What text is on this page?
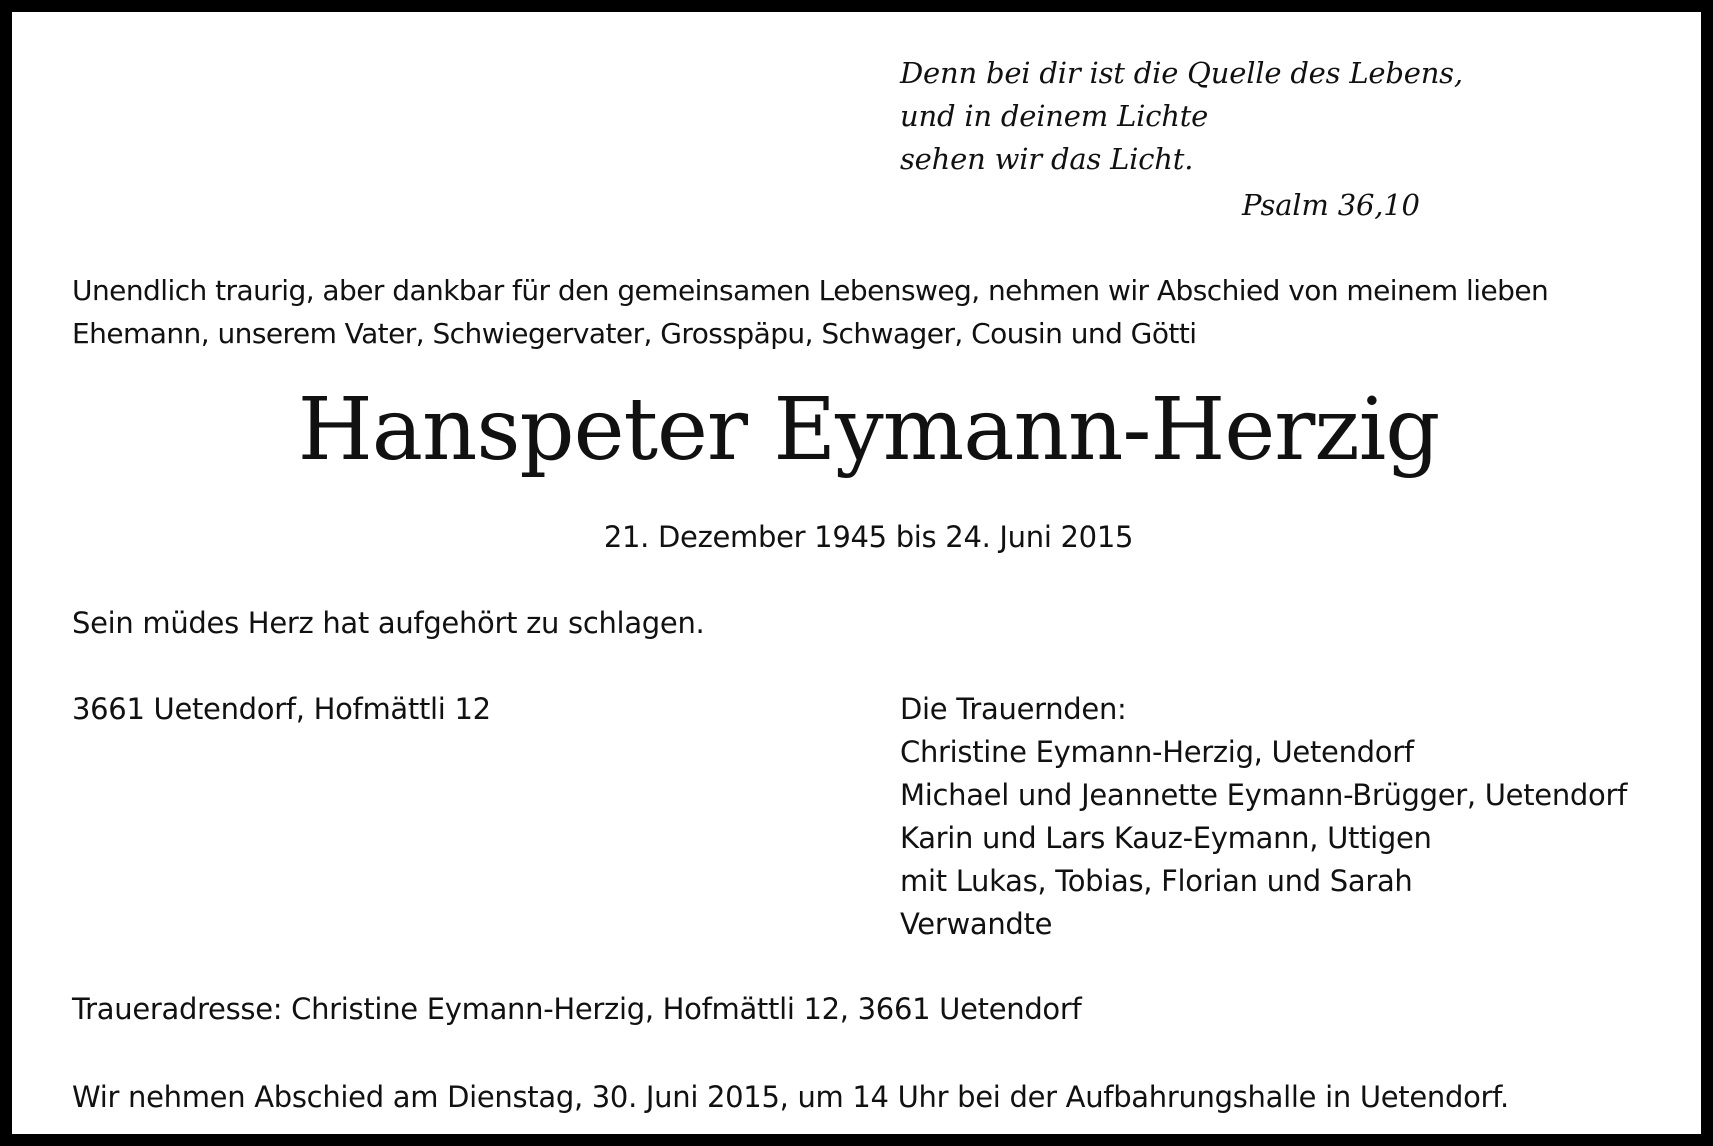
Denn bei dir ist die Quelle des Lebens,
und in deinem Lichte
sehen wir das Licht.
Psalm 36,10
Unendlich traurig, aber dankbar für den gemeinsamen Lebensweg, nehmen wir Abschied von meinem lieben
Ehemann, unserem Vater, Schwiegervater, Grosspäpu, Schwager, Cousin und Götti
Hanspeter Eymann-Herzig
21. Dezember 1945 bis 24. Juni 2015
Sein müdes Herz hat aufgehört zu schlagen.
3661 Uetendorf, Hofmättli 12	Die Trauernden:
Christine Eymann-Herzig, Uetendorf
Michael und Jeannette Eymann-Brügger, Uetendorf
Karin und Lars Kauz-Eymann, Uttigen
mit Lukas, Tobias, Florian und Sarah
Verwandte
Traueradresse: Christine Eymann-Herzig, Hofmättli 12, 3661 Uetendorf
Wir nehmen Abschied am Dienstag, 30. Juni 2015, um 14 Uhr bei der Aufbahrungshalle in Uetendorf.
